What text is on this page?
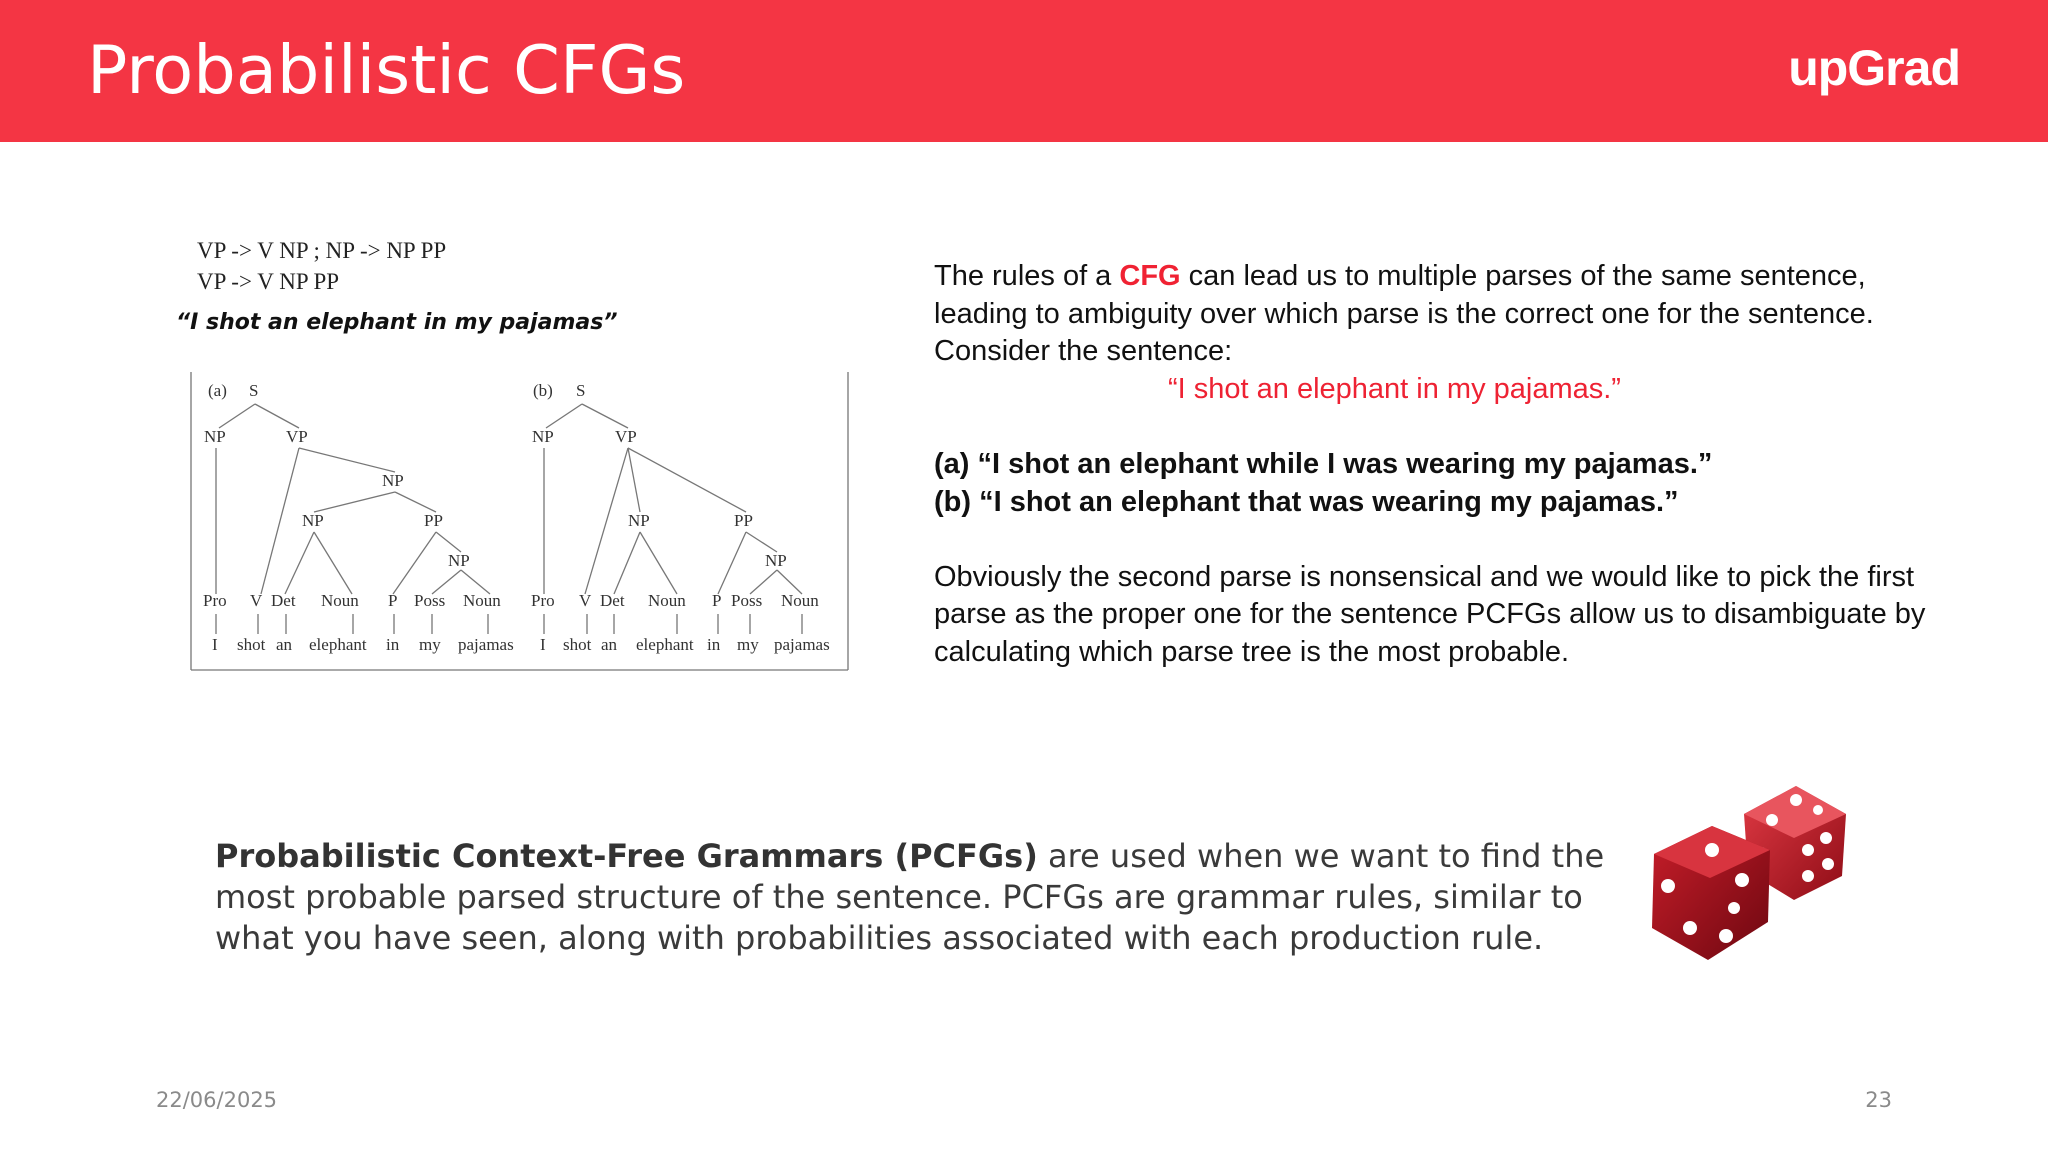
Probabilistic CFGs	upGrad
VP -> V NP ; NP -> NP PP
VP -> V NP PP
“I shot an elephant in my pajamas”
(a) S
NP	VP
NP
NP	PP
NP
Pro V Det Noun P Poss Noun
I shot an elephant in my pajamas
(b) S
NP	VP
NP	PP
NP
Pro V Det Noun P Poss Noun
I shot an elephant in my pajamas

The rules of a CFG can lead us to multiple parses of the same sentence, leading to ambiguity over which parse is the correct one for the sentence. Consider the sentence:

“I shot an elephant in my pajamas.”

(a) “I shot an elephant while I was wearing my pajamas.”

(b) “I shot an elephant that was wearing my pajamas.”

Obviously the second parse is nonsensical and we would like to pick the first parse as the proper one for the sentence PCFGs allow us to disambiguate by calculating which parse tree is the most probable.

Probabilistic Context-Free Grammars (PCFGs) are used when we want to find the most probable parsed structure of the sentence. PCFGs are grammar rules, similar to what you have seen, along with probabilities associated with each production rule.
22/06/2025	23
